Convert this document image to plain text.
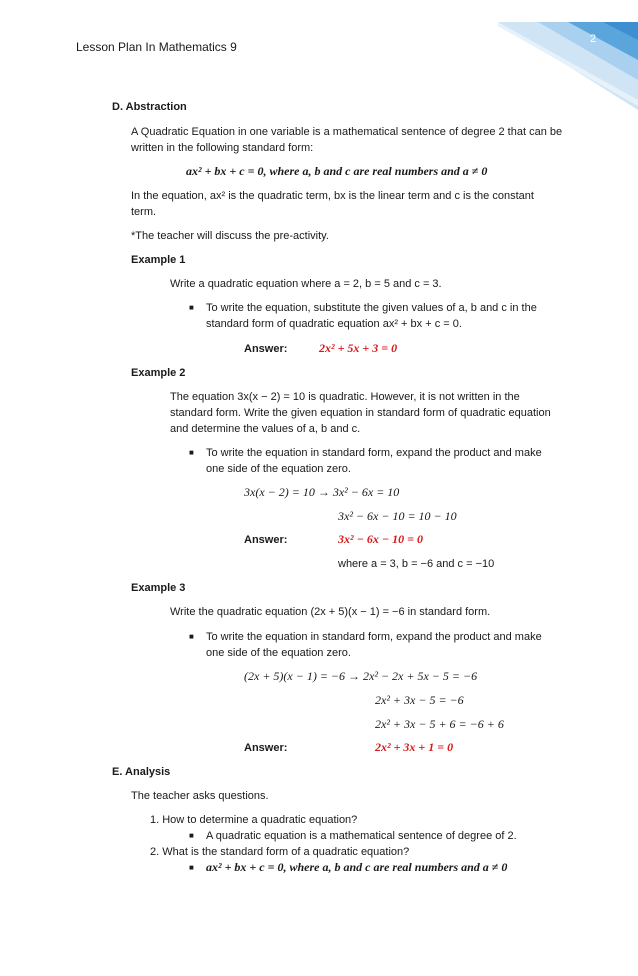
Lesson Plan In Mathematics 9
2
D. Abstraction
A Quadratic Equation in one variable is a mathematical sentence of degree 2 that can be
written in the following standard form:
ax² + bx + c = 0, where a, b and c are real numbers and a ≠ 0
In the equation, ax² is the quadratic term, bx is the linear term and c is the constant
term.
*The teacher will discuss the pre-activity.
Example 1
Write a quadratic equation where a = 2, b = 5 and c = 3.
■ To write the equation, substitute the given values of a, b and c in the
standard form of quadratic equation ax² + bx + c = 0.
Answer:	2x² + 5x + 3 = 0
Example 2
The equation 3x(x − 2) = 10 is quadratic. However, it is not written in the
standard form. Write the given equation in standard form of quadratic equation
and determine the values of a, b and c.
■ To write the equation in standard form, expand the product and make
one side of the equation zero.
3x(x − 2) = 10 → 3x² − 6x = 10
3x² − 6x − 10 = 10 − 10
Answer:	3x² − 6x − 10 = 0
where a = 3, b = −6 and c = −10
Example 3
Write the quadratic equation (2x + 5)(x − 1) = −6 in standard form.
■ To write the equation in standard form, expand the product and make
one side of the equation zero.
(2x + 5)(x − 1) = −6 → 2x² − 2x + 5x − 5 = −6
2x² + 3x − 5 = −6
2x² + 3x − 5 + 6 = −6 + 6
Answer:	2x² + 3x + 1 = 0
E. Analysis
The teacher asks questions.
1. How to determine a quadratic equation?
■ A quadratic equation is a mathematical sentence of degree of 2.
2. What is the standard form of a quadratic equation?
■ ax² + bx + c = 0, where a, b and c are real numbers and a ≠ 0
